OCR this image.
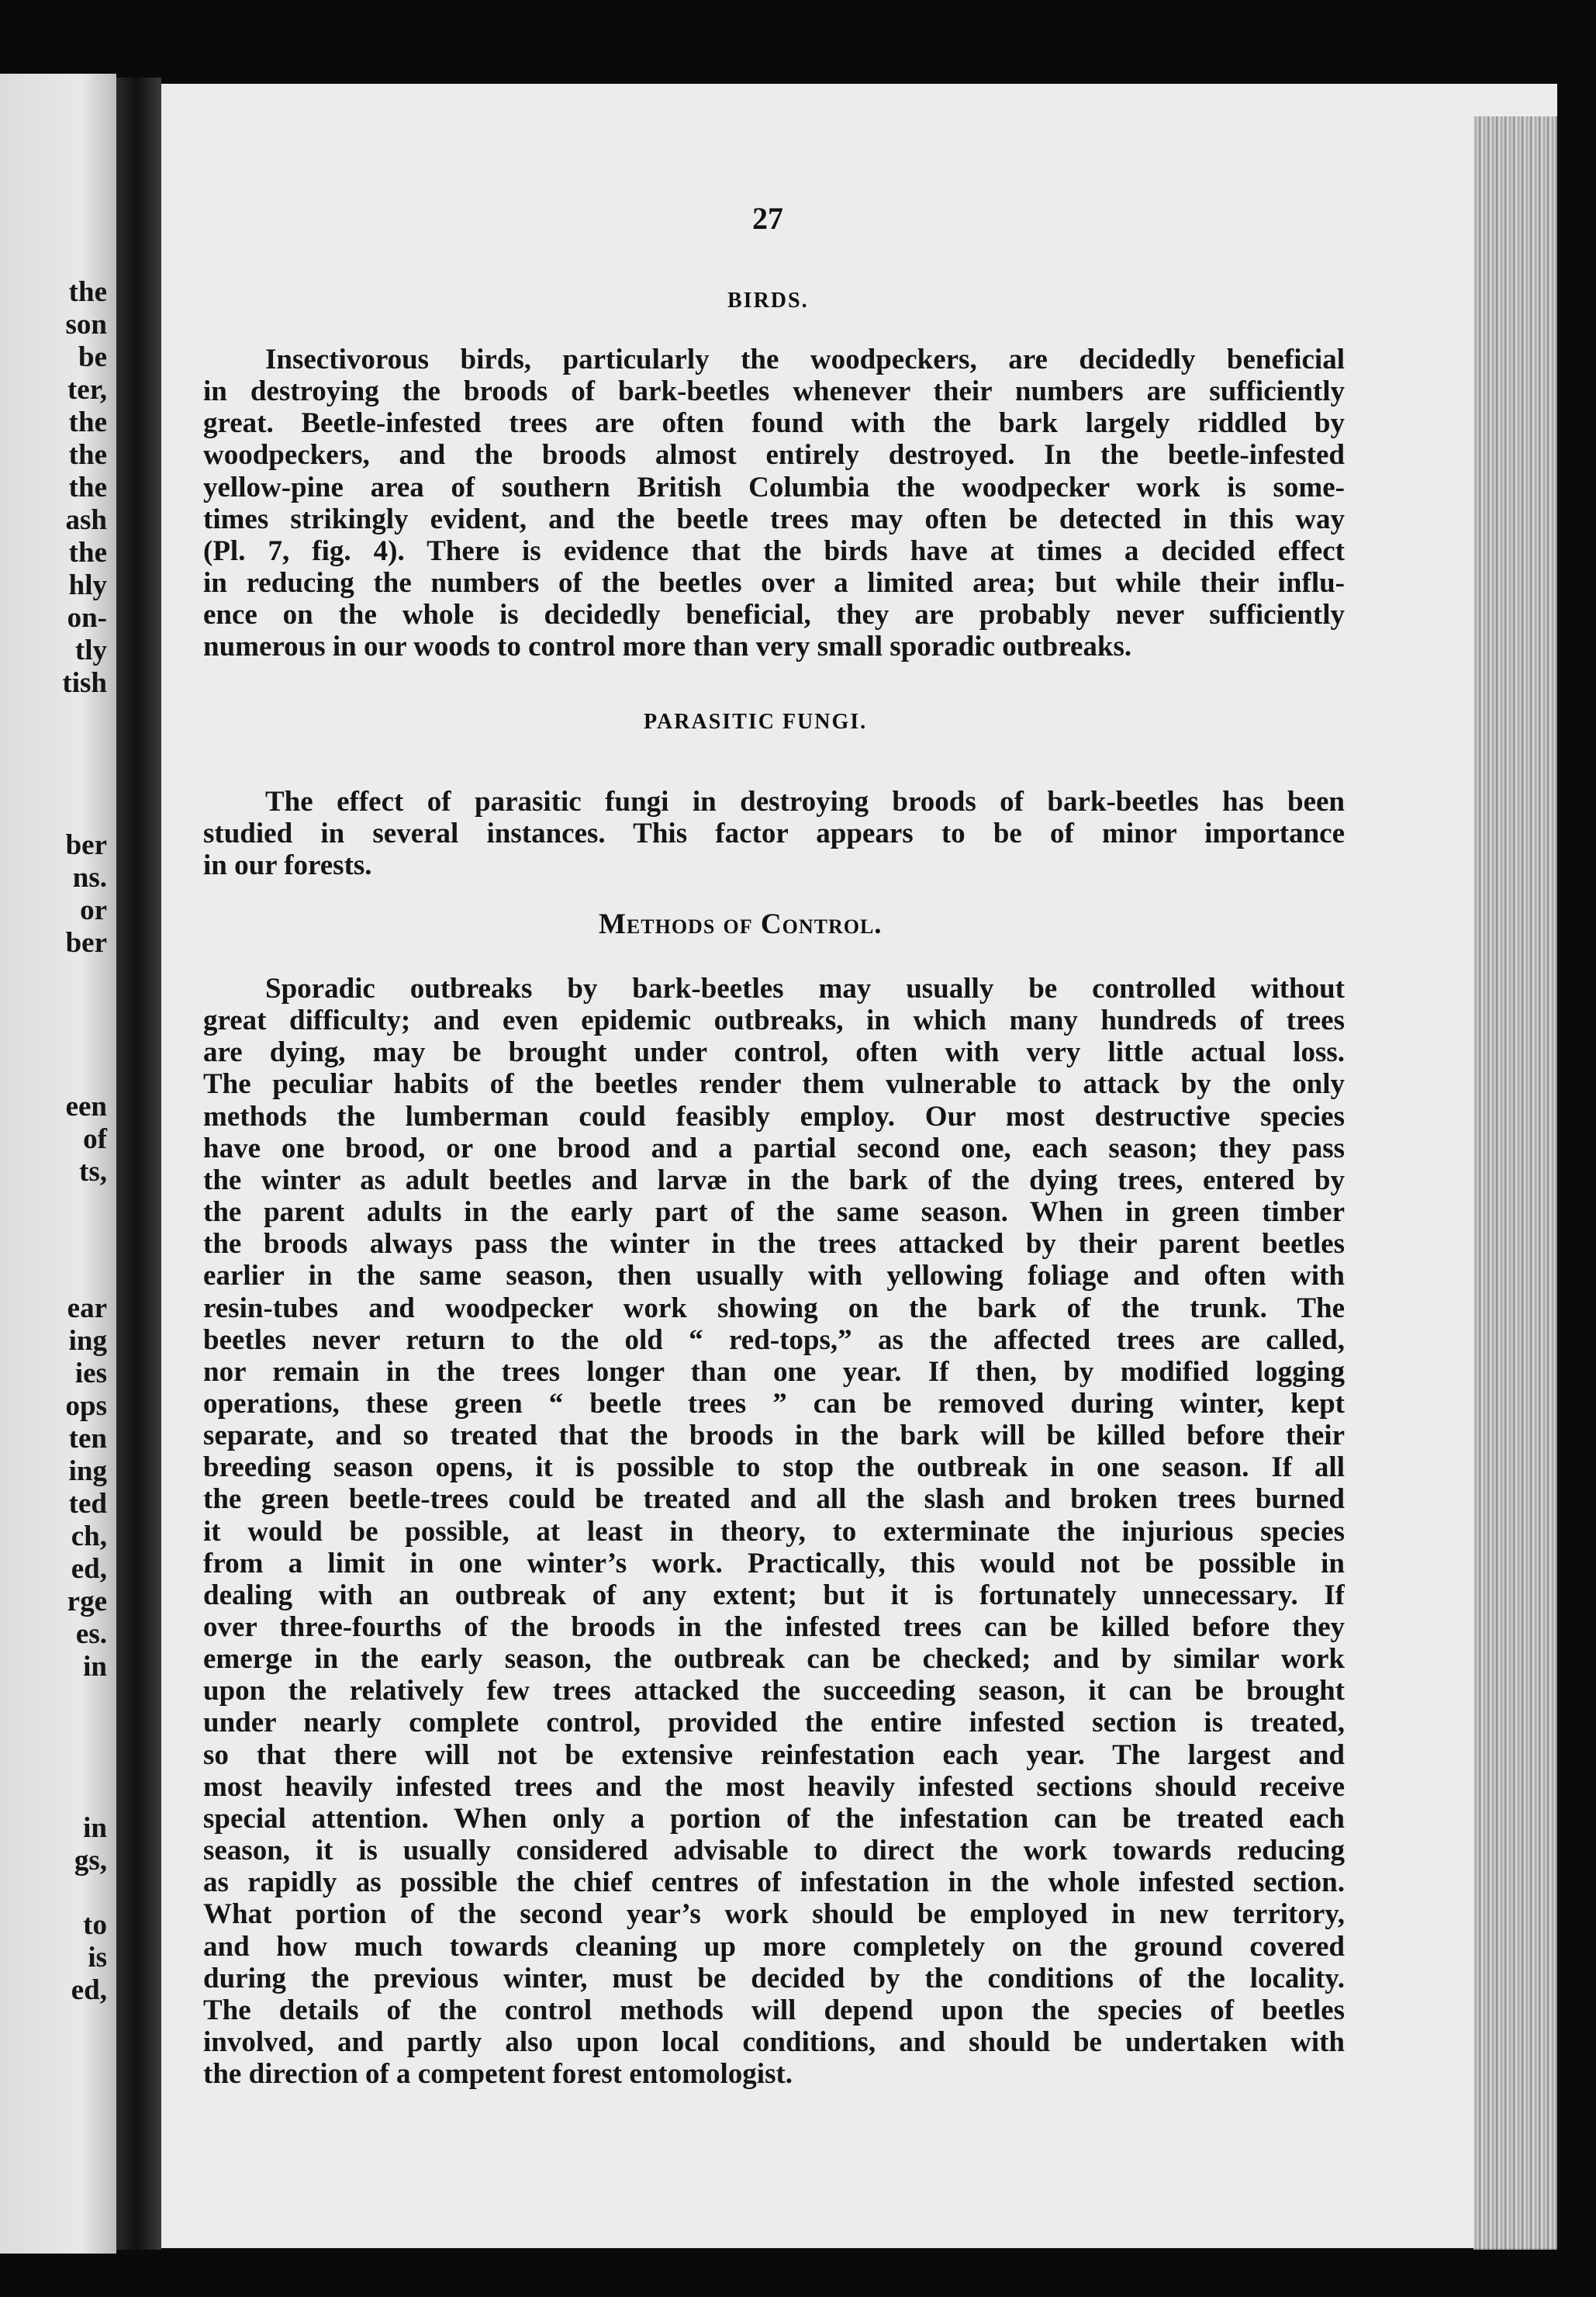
the
son
be
ter,
the
the
the
ash
the
hly
on-
tly
tish
ber
ns.
or
ber
een
of
ts,
ear
ing
ies
ops
ten
ing
ted
ch,
ed,
rge
es.
in
in
gs,
to
is
ed,
27
BIRDS.
PARASITIC FUNGI.
Methods of Control.
Insectivorous birds, particularly the woodpeckers, are decidedly beneficial
in destroying the broods of bark-beetles whenever their numbers are sufficiently
great. Beetle-infested trees are often found with the bark largely riddled by
woodpeckers, and the broods almost entirely destroyed. In the beetle-infested
yellow-pine area of southern British Columbia the woodpecker work is some-
times strikingly evident, and the beetle trees may often be detected in this way
(Pl. 7, fig. 4). There is evidence that the birds have at times a decided effect
in reducing the numbers of the beetles over a limited area; but while their influ-
ence on the whole is decidedly beneficial, they are probably never sufficiently
numerous in our woods to control more than very small sporadic outbreaks.
The effect of parasitic fungi in destroying broods of bark-beetles has been
studied in several instances. This factor appears to be of minor importance
in our forests.
Sporadic outbreaks by bark-beetles may usually be controlled without
great difficulty; and even epidemic outbreaks, in which many hundreds of trees
are dying, may be brought under control, often with very little actual loss.
The peculiar habits of the beetles render them vulnerable to attack by the only
methods the lumberman could feasibly employ. Our most destructive species
have one brood, or one brood and a partial second one, each season; they pass
the winter as adult beetles and larvæ in the bark of the dying trees, entered by
the parent adults in the early part of the same season. When in green timber
the broods always pass the winter in the trees attacked by their parent beetles
earlier in the same season, then usually with yellowing foliage and often with
resin-tubes and woodpecker work showing on the bark of the trunk. The
beetles never return to the old “ red-tops,” as the affected trees are called,
nor remain in the trees longer than one year. If then, by modified logging
operations, these green “ beetle trees ” can be removed during winter, kept
separate, and so treated that the broods in the bark will be killed before their
breeding season opens, it is possible to stop the outbreak in one season. If all
the green beetle-trees could be treated and all the slash and broken trees burned
it would be possible, at least in theory, to exterminate the injurious species
from a limit in one winter’s work. Practically, this would not be possible in
dealing with an outbreak of any extent; but it is fortunately unnecessary. If
over three-fourths of the broods in the infested trees can be killed before they
emerge in the early season, the outbreak can be checked; and by similar work
upon the relatively few trees attacked the succeeding season, it can be brought
under nearly complete control, provided the entire infested section is treated,
so that there will not be extensive reinfestation each year. The largest and
most heavily infested trees and the most heavily infested sections should receive
special attention. When only a portion of the infestation can be treated each
season, it is usually considered advisable to direct the work towards reducing
as rapidly as possible the chief centres of infestation in the whole infested section.
What portion of the second year’s work should be employed in new territory,
and how much towards cleaning up more completely on the ground covered
during the previous winter, must be decided by the conditions of the locality.
The details of the control methods will depend upon the species of beetles
involved, and partly also upon local conditions, and should be undertaken with
the direction of a competent forest entomologist.
